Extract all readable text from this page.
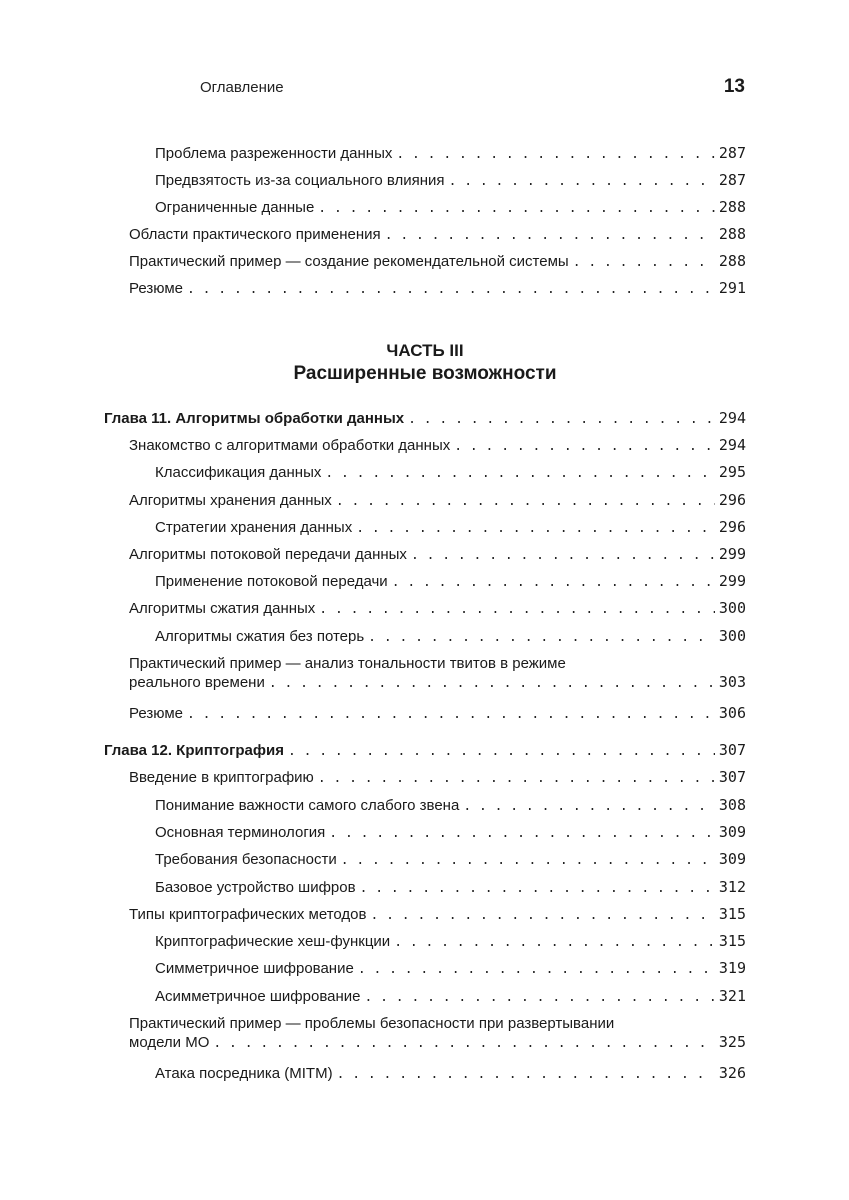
Оглавление	13
Проблема разреженности данных . . .	287
Предвзятость из-за социального влияния . . .	287
Ограниченные данные . . .	288
Области практического применения . . .	288
Практический пример — создание рекомендательной системы . . .	288
Резюме . . .	291
ЧАСТЬ III
Расширенные возможности
Глава 11. Алгоритмы обработки данных . . .	294
Знакомство с алгоритмами обработки данных . . .	294
Классификация данных . . .	295
Алгоритмы хранения данных . . .	296
Стратегии хранения данных . . .	296
Алгоритмы потоковой передачи данных . . .	299
Применение потоковой передачи . . .	299
Алгоритмы сжатия данных . . .	300
Алгоритмы сжатия без потерь . . .	300
Практический пример — анализ тональности твитов в режиме
реального времени . . .	303
Резюме . . .	306
Глава 12. Криптография . . .	307
Введение в криптографию . . .	307
Понимание важности самого слабого звена . . .	308
Основная терминология . . .	309
Требования безопасности . . .	309
Базовое устройство шифров . . .	312
Типы криптографических методов . . .	315
Криптографические хеш-функции . . .	315
Симметричное шифрование . . .	319
Асимметричное шифрование . . .	321
Практический пример — проблемы безопасности при развертывании
модели МО . . .	325
Атака посредника (MITM) . . .	326
